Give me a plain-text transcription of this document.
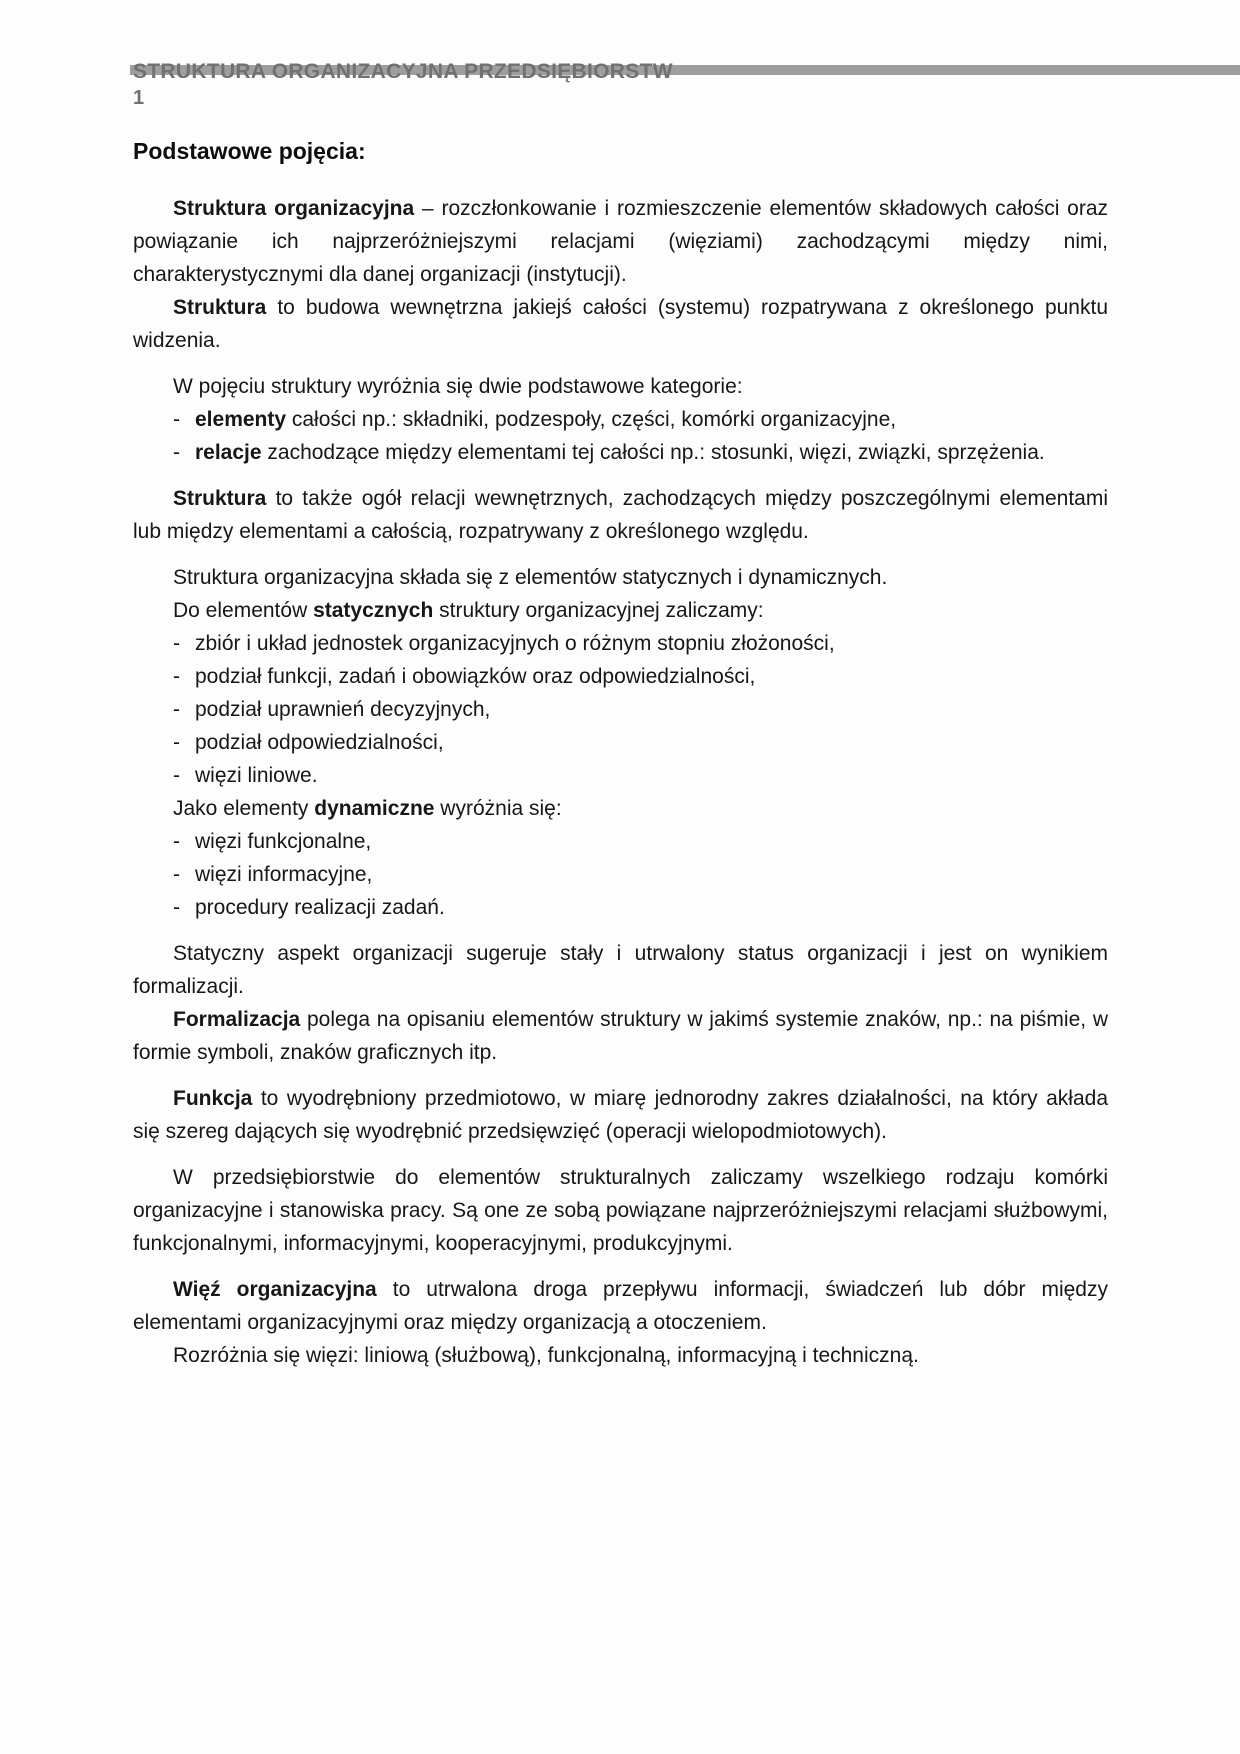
STRUKTURA ORGANIZACYJNA PRZEDSIĘBIORSTW
1
Podstawowe pojęcia:

Struktura organizacyjna – rozczłonkowanie i rozmieszczenie elementów składowych całości oraz powiązanie ich najprzeróżniejszymi relacjami (więziami) zachodzącymi między nimi, charakterystycznymi dla danej organizacji (instytucji).

Struktura to budowa wewnętrzna jakiejś całości (systemu) rozpatrywana z określonego punktu widzenia.

W pojęciu struktury wyróżnia się dwie podstawowe kategorie:

- elementy całości np.: składniki, podzespoły, części, komórki organizacyjne,
- relacje zachodzące między elementami tej całości np.: stosunki, więzi, związki, sprzężenia.

Struktura to także ogół relacji wewnętrznych, zachodzących między poszczególnymi elementami lub między elementami a całością, rozpatrywany z określonego względu.

Struktura organizacyjna składa się z elementów statycznych i dynamicznych.

Do elementów statycznych struktury organizacyjnej zaliczamy:

- zbiór i układ jednostek organizacyjnych o różnym stopniu złożoności,
- podział funkcji, zadań i obowiązków oraz odpowiedzialności,
- podział uprawnień decyzyjnych,
- podział odpowiedzialności,
- więzi liniowe.

Jako elementy dynamiczne wyróżnia się:

- więzi funkcjonalne,
- więzi informacyjne,
- procedury realizacji zadań.

Statyczny aspekt organizacji sugeruje stały i utrwalony status organizacji i jest on wynikiem formalizacji.

Formalizacja polega na opisaniu elementów struktury w jakimś systemie znaków, np.: na piśmie, w formie symboli, znaków graficznych itp.

Funkcja to wyodrębniony przedmiotowo, w miarę jednorodny zakres działalności, na który akłada się szereg dających się wyodrębnić przedsięwzięć (operacji wielopodmiotowych).

W przedsiębiorstwie do elementów strukturalnych zaliczamy wszelkiego rodzaju komórki organizacyjne i stanowiska pracy. Są one ze sobą powiązane najprzeróżniejszymi relacjami służbowymi, funkcjonalnymi, informacyjnymi, kooperacyjnymi, produkcyjnymi.

Więź organizacyjna to utrwalona droga przepływu informacji, świadczeń lub dóbr między elementami organizacyjnymi oraz między organizacją a otoczeniem.

Rozróżnia się więzi: liniową (służbową), funkcjonalną, informacyjną i techniczną.
